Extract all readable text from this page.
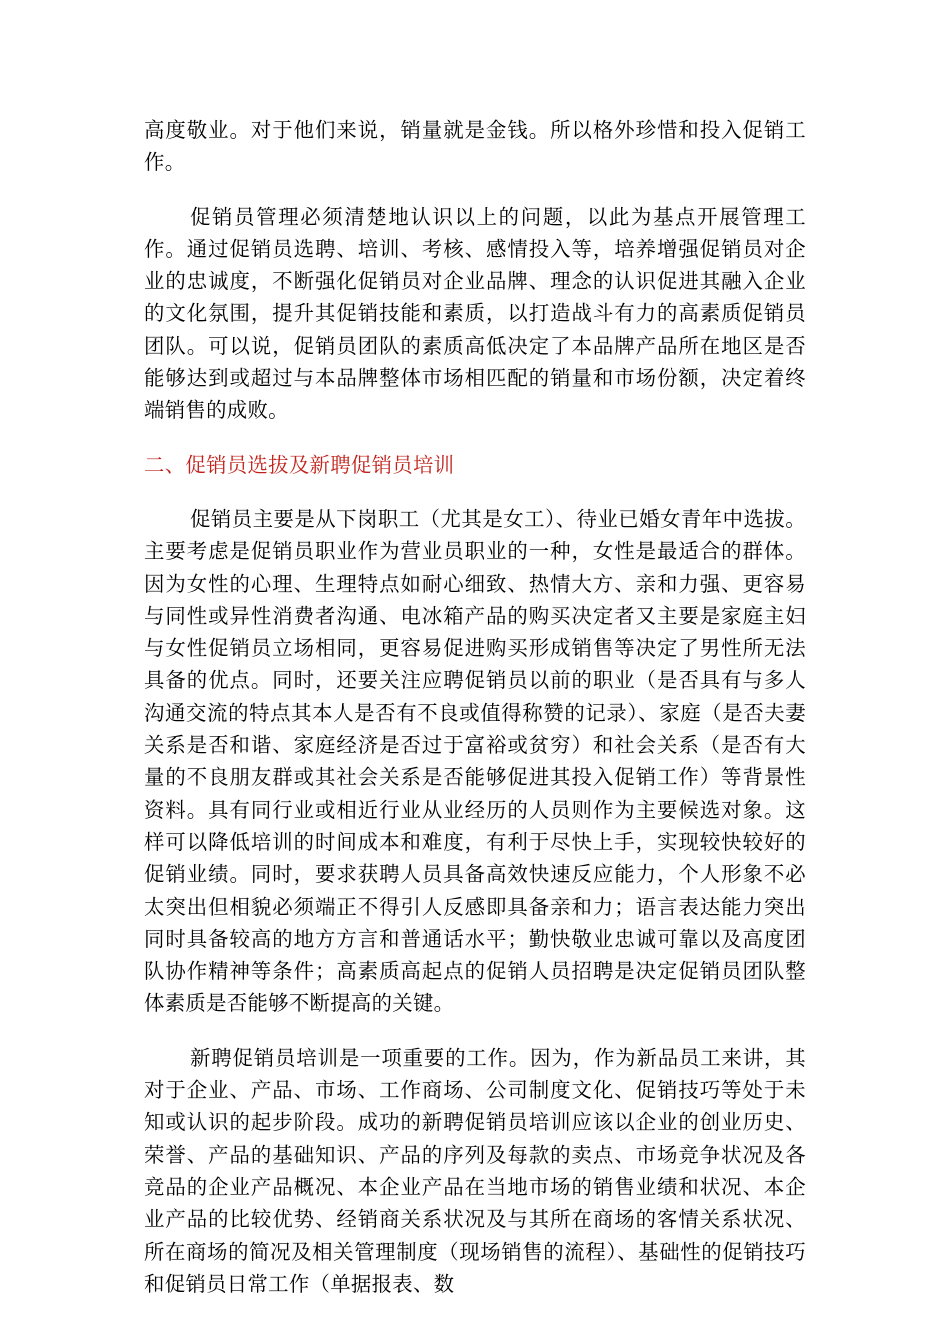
高度敬业。对于他们来说，销量就是金钱。所以格外珍惜和投入促销工作。

促销员管理必须清楚地认识以上的问题，以此为基点开展管理工作。通过促销员选聘、培训、考核、感情投入等，培养增强促销员对企业的忠诚度，不断强化促销员对企业品牌、理念的认识促进其融入企业的文化氛围，提升其促销技能和素质，以打造战斗有力的高素质促销员团队。可以说，促销员团队的素质高低决定了本品牌产品所在地区是否能够达到或超过与本品牌整体市场相匹配的销量和市场份额，决定着终端销售的成败。

二、促销员选拔及新聘促销员培训

促销员主要是从下岗职工（尤其是女工）、待业已婚女青年中选拔。主要考虑是促销员职业作为营业员职业的一种，女性是最适合的群体。因为女性的心理、生理特点如耐心细致、热情大方、亲和力强、更容易与同性或异性消费者沟通、电冰箱产品的购买决定者又主要是家庭主妇与女性促销员立场相同，更容易促进购买形成销售等决定了男性所无法具备的优点。同时，还要关注应聘促销员以前的职业（是否具有与多人沟通交流的特点其本人是否有不良或值得称赞的记录）、家庭（是否夫妻关系是否和谐、家庭经济是否过于富裕或贫穷）和社会关系（是否有大量的不良朋友群或其社会关系是否能够促进其投入促销工作）等背景性资料。具有同行业或相近行业从业经历的人员则作为主要候选对象。这样可以降低培训的时间成本和难度，有利于尽快上手，实现较快较好的促销业绩。同时，要求获聘人员具备高效快速反应能力，个人形象不必太突出但相貌必须端正不得引人反感即具备亲和力；语言表达能力突出同时具备较高的地方方言和普通话水平；勤快敬业忠诚可靠以及高度团队协作精神等条件；高素质高起点的促销人员招聘是决定促销员团队整体素质是否能够不断提高的关键。

新聘促销员培训是一项重要的工作。因为，作为新品员工来讲，其对于企业、产品、市场、工作商场、公司制度文化、促销技巧等处于未知或认识的起步阶段。成功的新聘促销员培训应该以企业的创业历史、荣誉、产品的基础知识、产品的序列及每款的卖点、市场竞争状况及各竞品的企业产品概况、本企业产品在当地市场的销售业绩和状况、本企业产品的比较优势、经销商关系状况及与其所在商场的客情关系状况、所在商场的简况及相关管理制度（现场销售的流程）、基础性的促销技巧和促销员日常工作（单据报表、数
